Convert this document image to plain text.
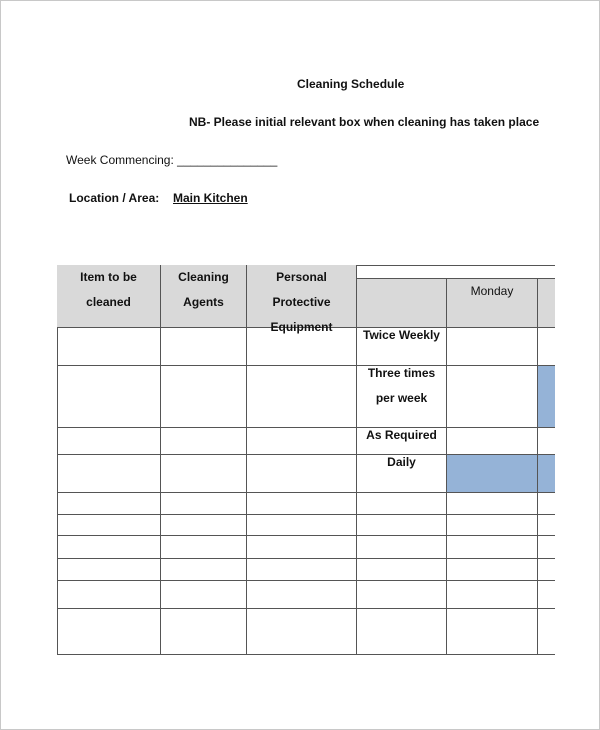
Cleaning Schedule
NB- Please initial relevant box when cleaning has taken place
Week Commencing: _______________
Location / Area: Main Kitchen
Item to be
cleaned
Cleaning
Agents
Personal
Protective
Equipment
Monday
Twice Weekly
Three times
per week
As Required
Daily
